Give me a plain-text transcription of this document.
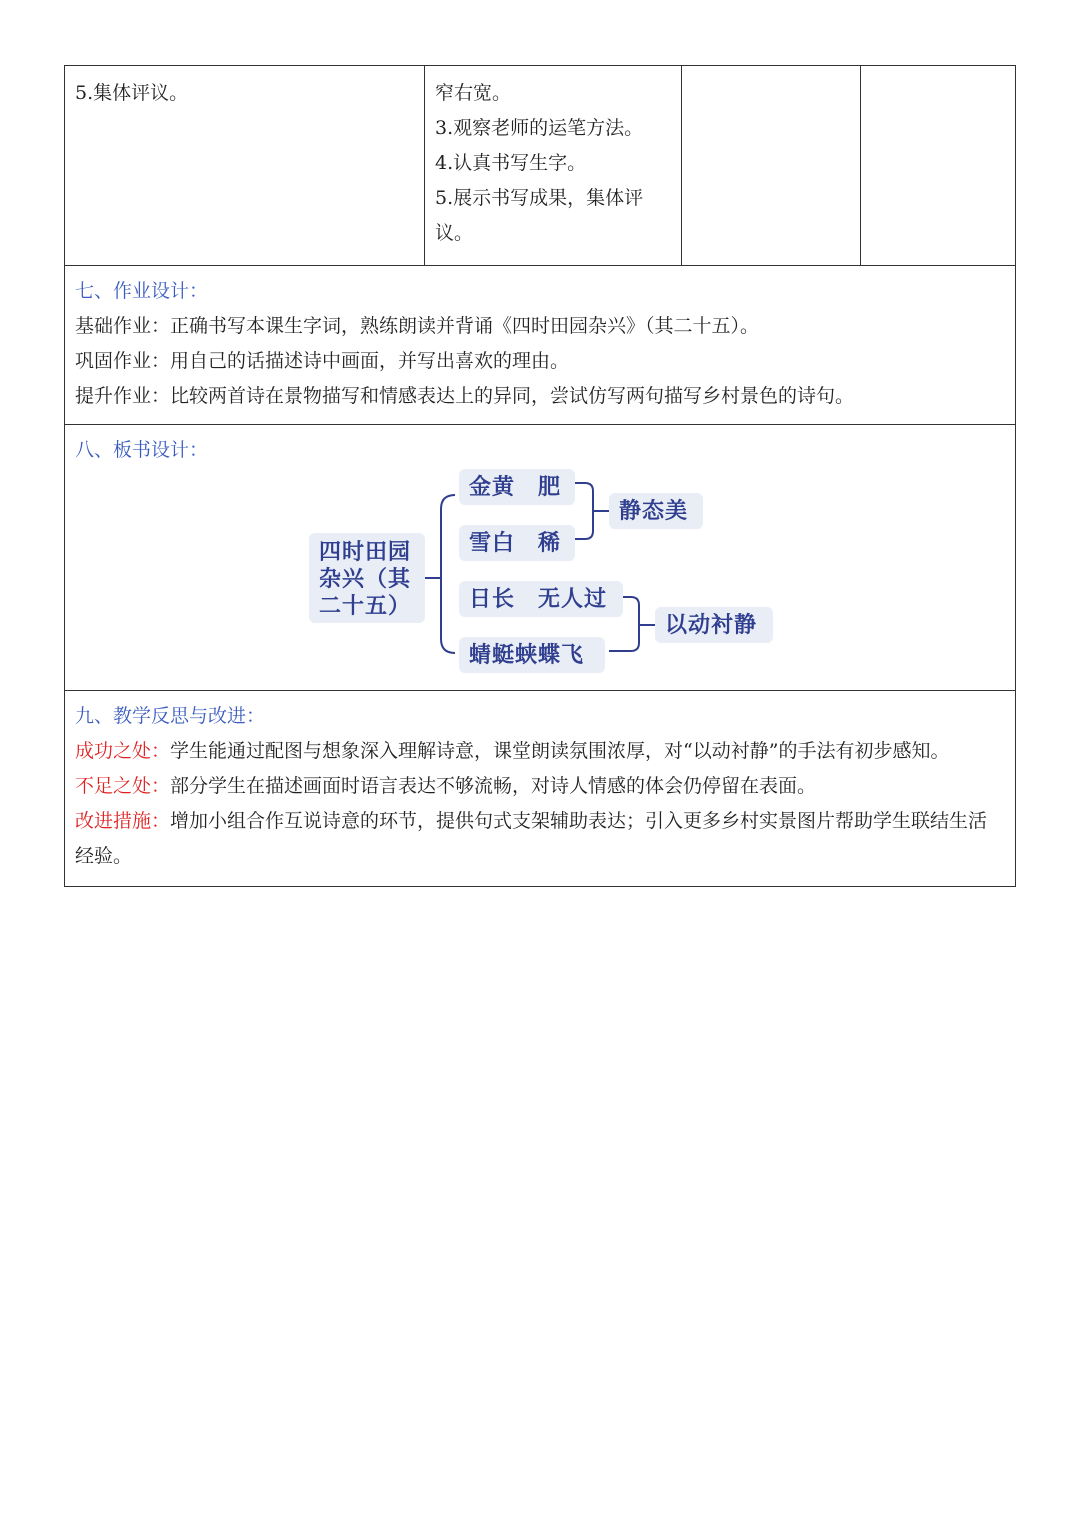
5.集体评议。	窄右宽。
3.观察老师的运笔方法。
4.认真书写生字。
5.展示书写成果，集体评议。
七、作业设计：
基础作业：正确书写本课生字词，熟练朗读并背诵《四时田园杂兴》（其二十五）。
巩固作业：用自己的话描述诗中画面，并写出喜欢的理由。
提升作业：比较两首诗在景物描写和情感表达上的异同，尝试仿写两句描写乡村景色的诗句。
八、板书设计：
四时田园杂兴（其二十五）
金黄　肥
雪白　稀
日长　无人过
蜻蜓蛱蝶飞
静态美
以动衬静
九、教学反思与改进：
成功之处：学生能通过配图与想象深入理解诗意，课堂朗读氛围浓厚，对“以动衬静”的手法有初步感知。
不足之处：部分学生在描述画面时语言表达不够流畅，对诗人情感的体会仍停留在表面。
改进措施：增加小组合作互说诗意的环节，提供句式支架辅助表达；引入更多乡村实景图片帮助学生联结生活经验。
